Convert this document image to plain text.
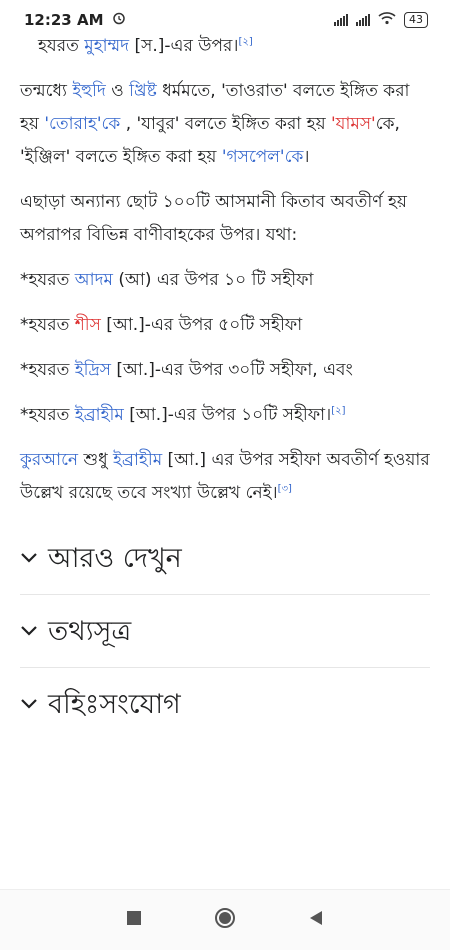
12:23 AM	43
হযরত মুহাম্মদ [স.]-এর উপর।[২]
তন্মধ্যে ইহুদি ও খ্রিষ্ট ধর্মমতে, 'তাওরাত' বলতে ইঙ্গিত করা হয় 'তোরাহ'কে , 'যাবুর' বলতে ইঙ্গিত করা হয় 'যামস'কে, 'ইঞ্জিল' বলতে ইঙ্গিত করা হয় 'গসপেল'কে।
এছাড়া অন্যান্য ছোট ১০০টি আসমানী কিতাব অবতীর্ণ হয় অপরাপর বিভিন্ন বাণীবাহকের উপর। যথা:
*হযরত আদম (আ) এর উপর ১০ টি সহীফা
*হযরত শীস [আ.]-এর উপর ৫০টি সহীফা
*হযরত ইদ্রিস [আ.]-এর উপর ৩০টি সহীফা, এবং
*হযরত ইব্রাহীম [আ.]-এর উপর ১০টি সহীফা।[২]
কুরআনে শুধু ইব্রাহীম [আ.] এর উপর সহীফা অবতীর্ণ হওয়ার উল্লেখ রয়েছে তবে সংখ্যা উল্লেখ নেই।[৩]
আরও দেখুন
তথ্যসূত্র
বহিঃসংযোগ
